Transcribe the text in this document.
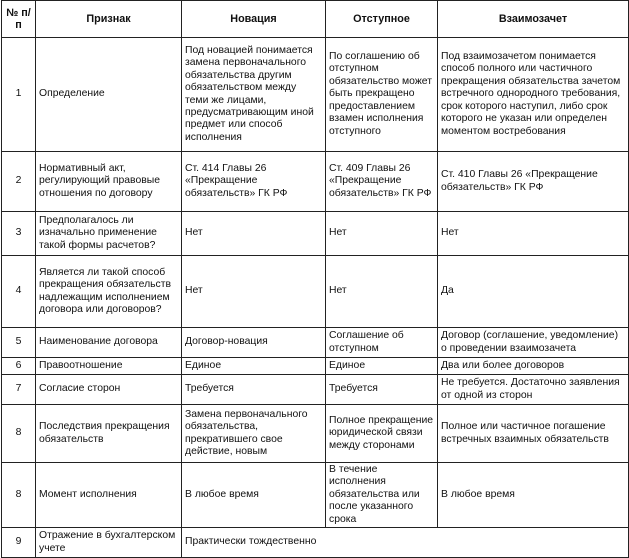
№ п/п	Признак	Новация	Отступное	Взаимозачет
1	Определение	Под новацией понимается замена первоначального обязательства другим обязательством между теми же лицами, предусматривающим иной предмет или способ исполнения	По соглашению об отступном обязательство может быть прекращено предоставлением взамен исполнения отступного	Под взаимозачетом понимается способ полного или частичного прекращения обязательства зачетом встречного однородного требования, срок которого наступил, либо срок которого не указан или определен моментом востребования
2	Нормативный акт, регулирующий правовые отношения по договору	Ст. 414 Главы 26 «Прекращение обязательств» ГК РФ	Ст. 409 Главы 26 «Прекращение обязательств» ГК РФ	Ст. 410 Главы 26 «Прекращение обязательств» ГК РФ
3	Предполагалось ли изначально применение такой формы расчетов?	Нет	Нет	Нет
4	Является ли такой способ прекращения обязательств надлежащим исполнением договора или договоров?	Нет	Нет	Да
5	Наименование договора	Договор-новация	Соглашение об отступном	Договор (соглашение, уведомление) о проведении взаимозачета
6	Правоотношение	Единое	Единое	Два или более договоров
7	Согласие сторон	Требуется	Требуется	Не требуется. Достаточно заявления от одной из сторон
8	Последствия прекращения обязательств	Замена первоначального обязательства, прекратившего свое действие, новым	Полное прекращение юридической связи между сторонами	Полное или частичное погашение встречных взаимных обязательств
8	Момент исполнения	В любое время	В течение исполнения обязательства или после указанного срока	В любое время
9	Отражение в бухгалтерском учете	Практически тождественно		
